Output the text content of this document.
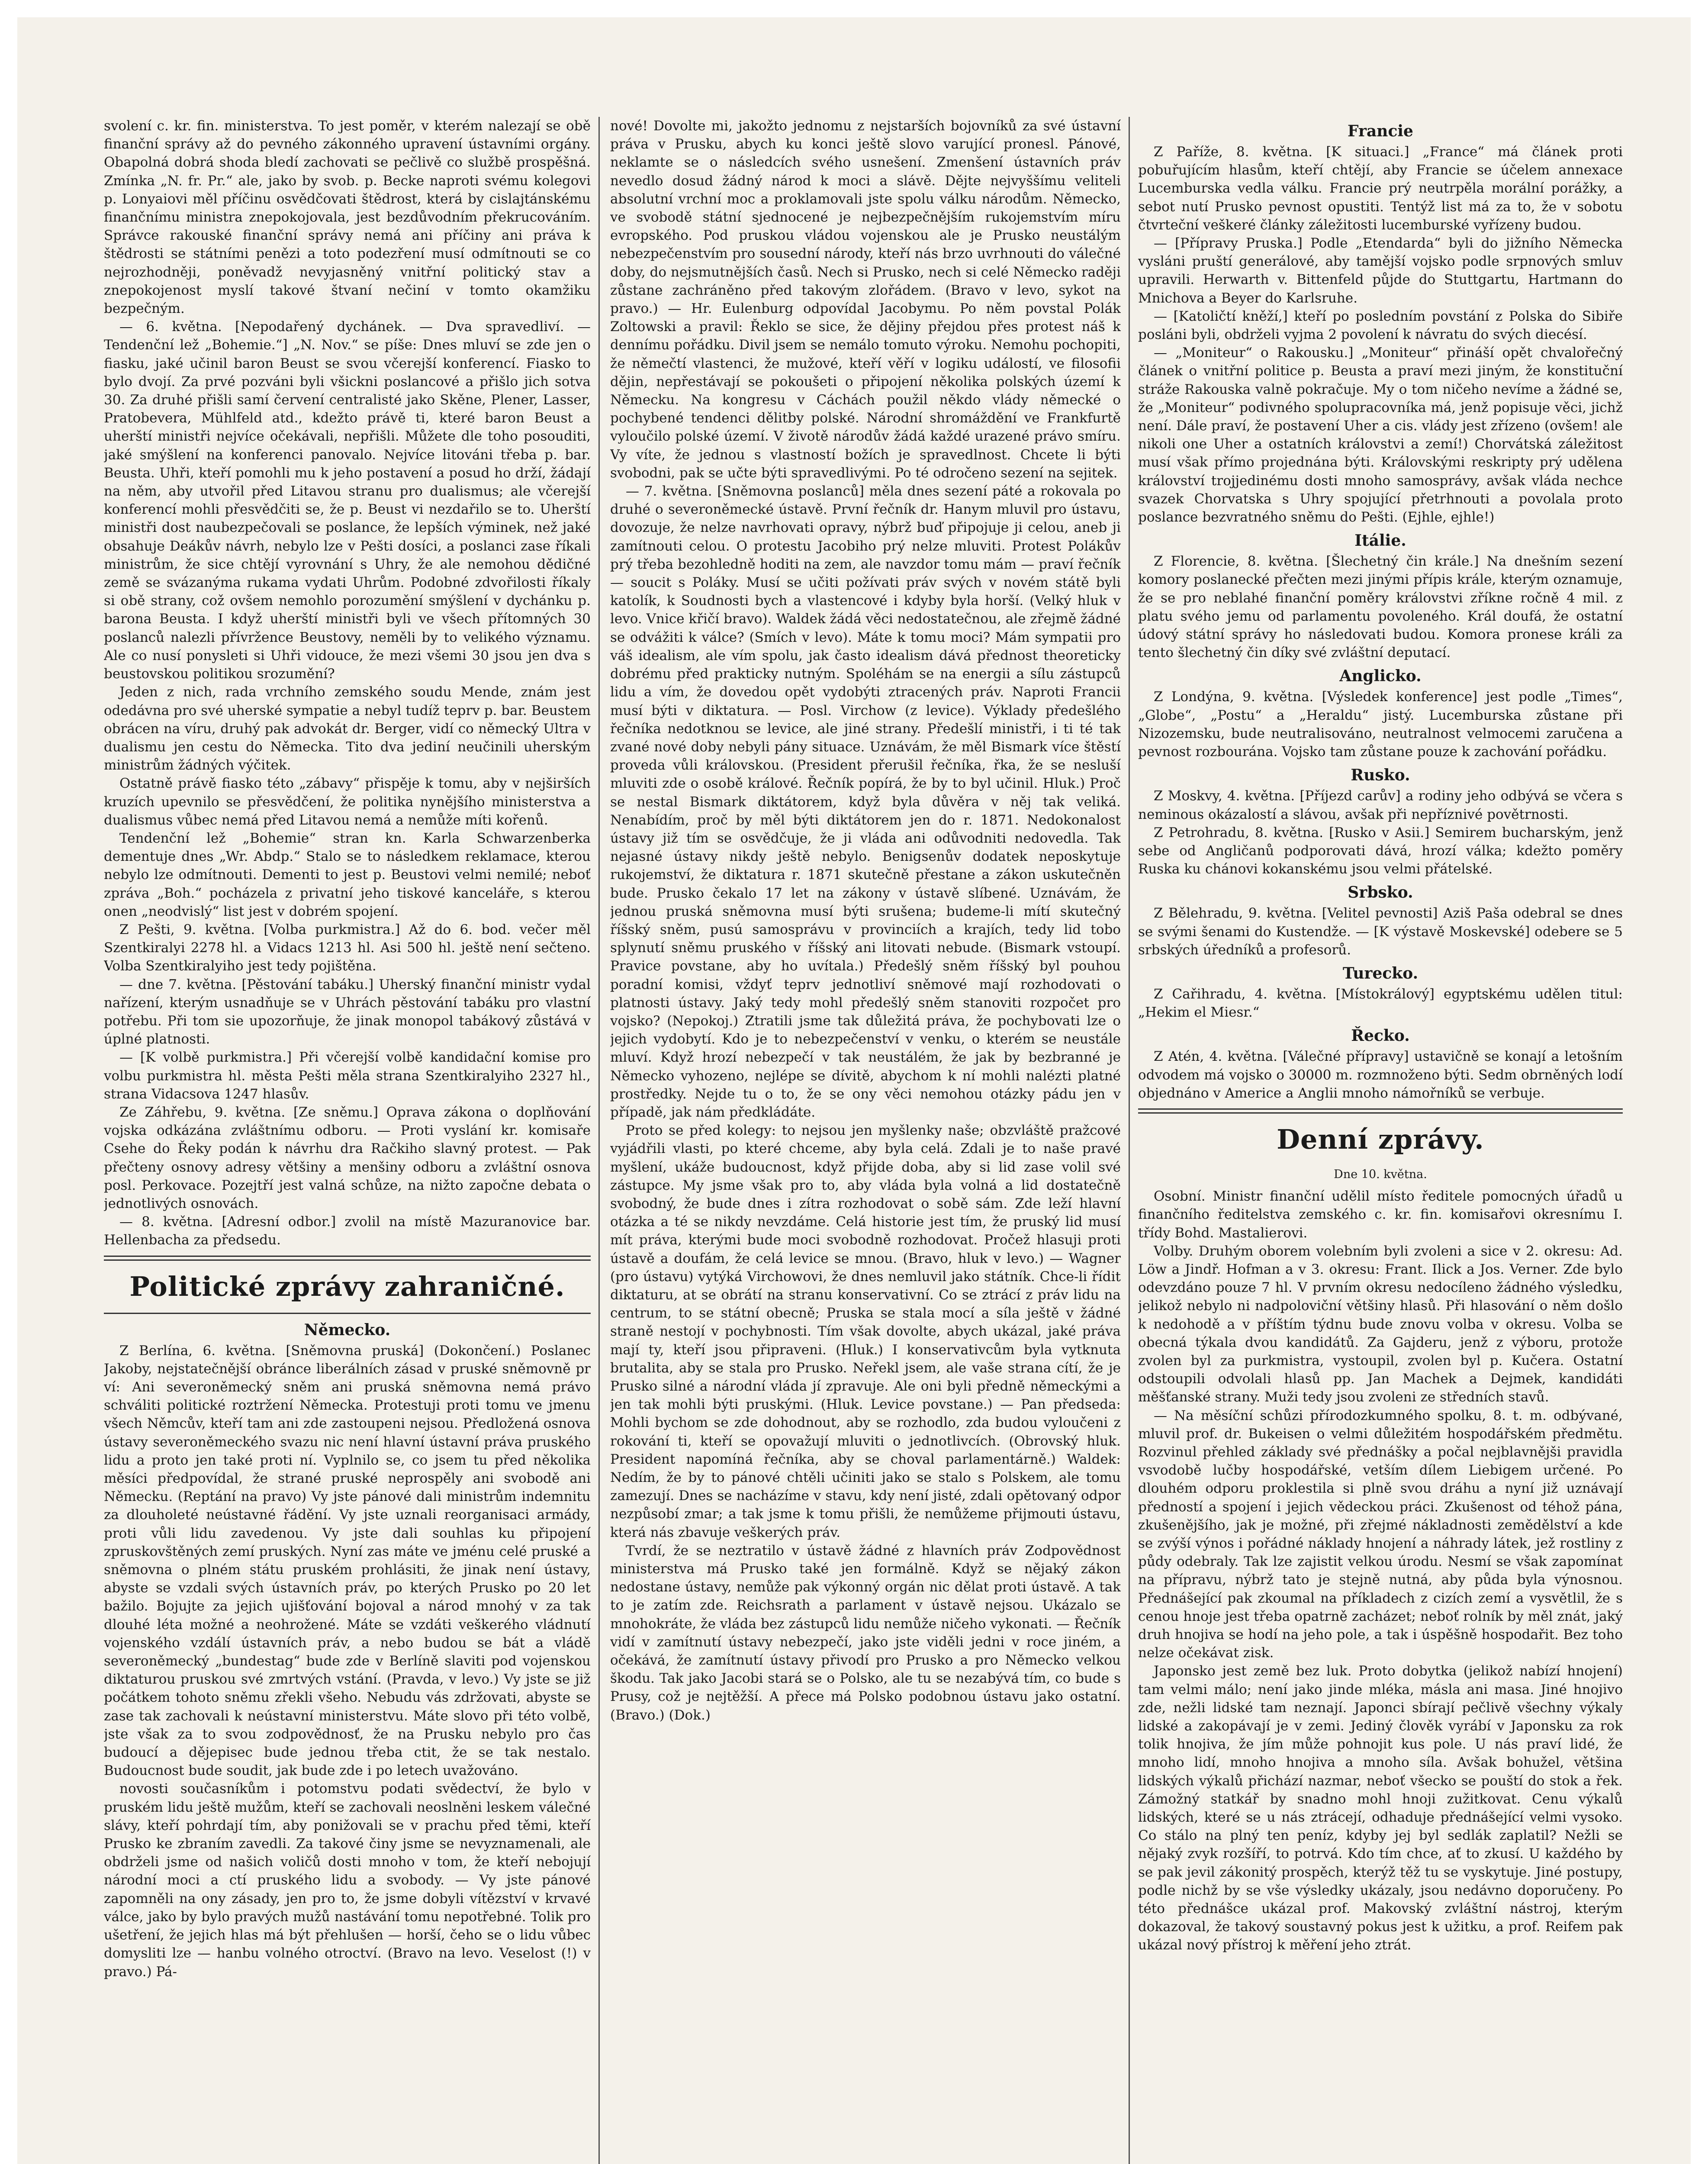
svolení c. kr. fin. ministerstva. To jest poměr, v kterém nalezají se obě finanční správy až do pevného zákonného upravení ústavními orgány. Obapolná dobrá shoda bledí zachovati se pečlivě co službě prospěšná. Zmínka „N. fr. Pr.“ ale, jako by svob. p. Becke naproti svému kolegovi p. Lonyaiovi měl příčinu osvědčovati štědrost, která by cislajtánskému finančnímu ministra znepokojovala, jest bezdůvodním překrucováním. Správce rakouské finanční správy nemá ani příčiny ani práva k štědrosti se státními penězi a toto podezření musí odmítnouti se co nejrozhodněji, poněvadž nevyjasněný vnitřní politický stav a znepokojenost myslí takové štvaní nečiní v tomto okamžiku bezpečným.

— 6. května. [Nepodařený dychánek. — Dva spravedliví. — Tendenční lež „Bohemie.“] „N. Nov.“ se píše: Dnes mluví se zde jen o fiasku, jaké učinil baron Beust se svou včerejší konferencí. Fiasko to bylo dvojí. Za prvé pozváni byli všickni poslancové a přišlo jich sotva 30. Za druhé přišli samí červení centralisté jako Skěne, Plener, Lasser, Pratobevera, Mühlfeld atd., kdežto právě ti, které baron Beust a uherští ministři nejvíce očekávali, nepřišli. Můžete dle toho posouditi, jaké smýšlení na konferenci panovalo. Nejvíce litováni třeba p. bar. Beusta. Uhři, kteří pomohli mu k jeho postavení a posud ho drží, žádají na něm, aby utvořil před Litavou stranu pro dualismus; ale včerejší konferencí mohli přesvědčiti se, že p. Beust vi nezdařilo se to. Uherští ministři dost naubezpečovali se poslance, že lepších výminek, než jaké obsahuje Deákův návrh, nebylo lze v Pešti dosíci, a poslanci zase říkali ministrům, že sice chtějí vyrovnání s Uhry, že ale nemohou dědičné země se svázanýma rukama vydati Uhrům. Podobné zdvořilosti říkaly si obě strany, což ovšem nemohlo porozumění smýšlení v dychánku p. barona Beusta. I když uherští ministři byli ve všech přítomných 30 poslanců nalezli přívržence Beustovy, neměli by to velikého významu. Ale co nusí ponysleti si Uhři vidouce, že mezi všemi 30 jsou jen dva s beustovskou politikou srozumění?

Jeden z nich, rada vrchního zemského soudu Mende, znám jest odedávna pro své uherské sympatie a nebyl tudíž teprv p. bar. Beustem obrácen na víru, druhý pak advokát dr. Berger, vidí co německý Ultra v dualismu jen cestu do Německa. Tito dva jediní neučinili uherským ministrům žádných výčitek.

Ostatně právě fiasko této „zábavy“ přispěje k tomu, aby v nejširších kruzích upevnilo se přesvědčení, že politika nynějšího ministerstva a dualismus vůbec nemá před Litavou nemá a nemůže míti kořenů.

Tendenční lež „Bohemie“ stran kn. Karla Schwarzenberka dementuje dnes „Wr. Abdp.“ Stalo se to následkem reklamace, kterou nebylo lze odmítnouti. Dementi to jest p. Beustovi velmi nemilé; neboť zpráva „Boh.“ pocházela z privatní jeho tiskové kanceláře, s kterou onen „neodvislý“ list jest v dobrém spojení.

Z Pešti, 9. května. [Volba purkmistra.] Až do 6. bod. večer měl Szentkiralyi 2278 hl. a Vidacs 1213 hl. Asi 500 hl. ještě není sečteno. Volba Szentkiralyiho jest tedy pojištěna.

— dne 7. května. [Pěstování tabáku.] Uherský finanční ministr vydal nařízení, kterým usnadňuje se v Uhrách pěstování tabáku pro vlastní potřebu. Při tom sie upozorňuje, že jinak monopol tabákový zůstává v úplné platnosti.

— [K volbě purkmistra.] Při včerejší volbě kandidační komise pro volbu purkmistra hl. města Pešti měla strana Szentkiralyiho 2327 hl., strana Vidacsova 1247 hlasův.

Ze Záhřebu, 9. května. [Ze sněmu.] Oprava zákona o doplňování vojska odkázána zvláštnímu odboru. — Proti vyslání kr. komisaře Csehe do Řeky podán k návrhu dra Račkiho slavný protest. — Pak přečteny osnovy adresy většiny a menšiny odboru a zvláštní osnova posl. Perkovace. Pozejtří jest valná schůze, na nižto započne debata o jednotlivých osnovách.

— 8. května. [Adresní odbor.] zvolil na místě Mazuranovice bar. Hellenbacha za předsedu.

Politické zprávy zahraničné.
Německo.

Z Berlína, 6. května. [Sněmovna pruská] (Dokončení.) Poslanec Jakoby, nejstatečnější obránce liberálních zásad v pruské sněmovně pr ví: Ani severoněmecký sněm ani pruská sněmovna nemá právo schváliti politické roztržení Německa. Protestuji proti tomu ve jmenu všech Němcův, kteří tam ani zde zastoupeni nejsou. Předložená osnova ústavy severoněmeckého svazu nic není hlavní ústavní práva pruského lidu a proto jen také proti ní. Vyplnilo se, co jsem tu před několika měsíci předpovídal, že strané pruské neprospěly ani svobodě ani Německu. (Reptání na pravo) Vy jste pánové dali ministrům indemnitu za dlouholeté neústavné řádění. Vy jste uznali reorganisaci armády, proti vůli lidu zavedenou. Vy jste dali souhlas ku připojení zpruskovštěných zemí pruských. Nyní zas máte ve jménu celé pruské a sněmovna o plném státu pruském prohlásiti, že jinak není ústavy, abyste se vzdali svých ústavních práv, po kterých Prusko po 20 let bažilo. Bojujte za jejich ujišťování bojoval a národ mnohý v za tak dlouhé léta možné a neohrožené. Máte se vzdáti veškerého vládnutí vojenského vzdálí ústavních práv, a nebo budou se bát a vládě severoněmecký „bundestag“ bude zde v Berlíně slaviti pod vojenskou diktaturou pruskou své zmrtvých vstání. (Pravda, v levo.) Vy jste se již počátkem tohoto sněmu zřekli všeho. Nebudu vás zdržovati, abyste se zase tak zachovali k neústavní ministerstvu. Máte slovo při této volbě, jste však za to svou zodpovědnosť, že na Prusku nebylo pro čas budoucí a dějepisec bude jednou třeba ctit, že se tak nestalo. Budoucnost bude soudit, jak bude zde i po letech uvažováno.

novosti současníkům i potomstvu podati svědectví, že bylo v pruském lidu ještě mužům, kteří se zachovali neoslněni leskem válečné slávy, kteří pohrdají tím, aby ponižovali se v prachu před těmi, kteří Prusko ke zbraním zavedli. Za takové činy jsme se nevyznamenali, ale obdrželi jsme od našich voličů dosti mnoho v tom, že kteří nebojují národní moci a ctí pruského lidu a svobody. — Vy jste pánové zapomněli na ony zásady, jen pro to, že jsme dobyli vítězství v krvavé válce, jako by bylo pravých mužů nastávání tomu nepotřebné. Tolik pro ušetření, že jejich hlas má být přehlušen — horší, čeho se o lidu vůbec domysliti lze — hanbu volného otroctví. (Bravo na levo. Veselost (!) v pravo.) Pá-

nové! Dovolte mi, jakožto jednomu z nejstarších bojovníků za své ústavní práva v Prusku, abych ku konci ještě slovo varující pronesl. Pánové, neklamte se o následcích svého usnešení. Zmenšení ústavních práv nevedlo dosud žádný národ k moci a slávě. Dějte nejvyššímu veliteli absolutní vrchní moc a proklamovali jste spolu válku národům. Německo, ve svobodě státní sjednocené je nejbezpečnějším rukojemstvím míru evropského. Pod pruskou vládou vojenskou ale je Prusko neustálým nebezpečenstvím pro sousední národy, kteří nás brzo uvrhnouti do válečné doby, do nejsmutnějších časů. Nech si Prusko, nech si celé Německo raději zůstane zachráněno před takovým zlořádem. (Bravo v levo, sykot na pravo.) — Hr. Eulenburg odpovídal Jacobymu. Po něm povstal Polák Zoltowski a pravil: Řeklo se sice, že dějiny přejdou přes protest náš k dennímu pořádku. Divil jsem se nemálo tomuto výroku. Nemohu pochopiti, že němečtí vlastenci, že mužové, kteří věří v logiku událostí, ve filosofii dějin, nepřestávají se pokoušeti o připojení několika polských území k Německu. Na kongresu v Cáchách použil někdo vlády německé o pochybené tendenci dělitby polské. Národní shromáždění ve Frankfurtě vyloučilo polské území. V životě národův žádá každé urazené právo smíru. Vy víte, že jednou s vlastností božích je spravedlnost. Chcete li býti svobodni, pak se učte býti spravedlivými. Po té odročeno sezení na sejitek.

— 7. května. [Sněmovna poslanců] měla dnes sezení páté a rokovala po druhé o severoněmecké ústavě. První řečník dr. Hanym mluvil pro ústavu, dovozuje, že nelze navrhovati opravy, nýbrž buď připojuje ji celou, aneb ji zamítnouti celou. O protestu Jacobiho prý nelze mluviti. Protest Polákův prý třeba bezohledně hoditi na zem, ale navzdor tomu mám — praví řečník — soucit s Poláky. Musí se učiti požívati práv svých v novém státě byli katolík, k Soudnosti bych a vlastencové i kdyby byla horší. (Velký hluk v levo. Vnice křičí bravo). Waldek žádá věci nedostatečnou, ale zřejmě žádné se odvážiti k válce? (Smích v levo). Máte k tomu moci? Mám sympatii pro váš idealism, ale vím spolu, jak často idealism dává přednost theoreticky dobrému před prakticky nutným. Spoléhám se na energii a sílu zástupců lidu a vím, že dovedou opět vydobýti ztracených práv. Naproti Francii musí býti v diktatura. — Posl. Virchow (z levice). Výklady předešlého řečníka nedotknou se levice, ale jiné strany. Předešlí ministři, i ti té tak zvané nové doby nebyli pány situace. Uznávám, že měl Bismark více štěstí proveda vůli královskou. (President přerušil řečníka, řka, že se nesluší mluviti zde o osobě králové. Řečník popírá, že by to byl učinil. Hluk.) Proč se nestal Bismark diktátorem, když byla důvěra v něj tak veliká. Nenabídím, proč by měl býti diktátorem jen do r. 1871. Nedokonalost ústavy již tím se osvědčuje, že ji vláda ani odůvodniti nedovedla. Tak nejasné ústavy nikdy ještě nebylo. Benigsenův dodatek neposkytuje rukojemství, že diktatura r. 1871 skutečně přestane a zákon uskutečněn bude. Prusko čekalo 17 let na zákony v ústavě slíbené. Uznávám, že jednou pruská sněmovna musí býti srušena; budeme-li mítí skutečný říšský sněm, pusú samosprávu v provinciích a krajích, tedy lid tobo splynutí sněmu pruského v říšský ani litovati nebude. (Bismark vstoupí. Pravice povstane, aby ho uvítala.) Předešlý sněm říšský byl pouhou poradní komisi, vždyť teprv jednotliví sněmové mají rozhodovati o platnosti ústavy. Jaký tedy mohl předešlý sněm stanoviti rozpočet pro vojsko? (Nepokoj.) Ztratili jsme tak důležitá práva, že pochybovati lze o jejich vydobytí. Kdo je to nebezpečenství v venku, o kterém se neustále mluví. Když hrozí nebezpečí v tak neustálém, že jak by bezbranné je Německo vyhozeno, nejlépe se dívitě, abychom k ní mohli nalézti platné prostředky. Nejde tu o to, že se ony věci nemohou otázky pádu jen v případě, jak nám předkládáte.

Proto se před kolegy: to nejsou jen myšlenky naše; obzvláště pražcové vyjádřili vlasti, po které chceme, aby byla celá. Zdali je to naše pravé myšlení, ukáže budoucnost, když přijde doba, aby si lid zase volil své zástupce. My jsme však pro to, aby vláda byla volná a lid dostatečně svobodný, že bude dnes i zítra rozhodovat o sobě sám. Zde leží hlavní otázka a té se nikdy nevzdáme. Celá historie jest tím, že pruský lid musí mít práva, kterými bude moci svobodně rozhodovat. Pročež hlasuji proti ústavě a doufám, že celá levice se mnou. (Bravo, hluk v levo.) — Wagner (pro ústavu) vytýká Virchowovi, že dnes nemluvil jako státník. Chce-li řídit diktaturu, at se obrátí na stranu konservativní. Co se ztrácí z práv lidu na centrum, to se státní obecně; Pruska se stala mocí a síla ještě v žádné straně nestojí v pochybnosti. Tím však dovolte, abych ukázal, jaké práva mají ty, kteří jsou připraveni. (Hluk.) I konservativcům byla vytknuta brutalita, aby se stala pro Prusko. Neřekl jsem, ale vaše strana cítí, že je Prusko silné a národní vláda jí zpravuje. Ale oni byli předně německými a jen tak mohli býti pruskými. (Hluk. Levice povstane.) — Pan předseda: Mohli bychom se zde dohodnout, aby se rozhodlo, zda budou vyloučeni z rokování ti, kteří se opovažují mluviti o jednotlivcích. (Obrovský hluk. President napomíná řečníka, aby se choval parlamentárně.) Waldek: Nedím, že by to pánové chtěli učiniti jako se stalo s Polskem, ale tomu zamezují. Dnes se nacházíme v stavu, kdy není jisté, zdali opětovaný odpor nezpůsobí zmar; a tak jsme k tomu přišli, že nemůžeme přijmouti ústavu, která nás zbavuje veškerých práv.

Tvrdí, že se neztratilo v ústavě žádné z hlavních práv Zodpovědnost ministerstva má Prusko také jen formálně. Když se nějaký zákon nedostane ústavy, nemůže pak výkonný orgán nic dělat proti ústavě. A tak to je zatím zde. Reichsrath a parlament v ústavě nejsou. Ukázalo se mnohokráte, že vláda bez zástupců lidu nemůže ničeho vykonati. — Řečník vidí v zamítnutí ústavy nebezpečí, jako jste viděli jedni v roce jiném, a očekává, že zamítnutí ústavy přivodí pro Prusko a pro Německo velkou škodu. Tak jako Jacobi stará se o Polsko, ale tu se nezabývá tím, co bude s Prusy, což je nejtěžší. A přece má Polsko podobnou ústavu jako ostatní. (Bravo.) (Dok.)

Francie

Z Paříže, 8. května. [K situaci.] „France“ má článek proti pobuřujícím hlasům, kteří chtějí, aby Francie se účelem annexace Lucemburska vedla válku. Francie prý neutrpěla morální porážky, a sebot nutí Prusko pevnost opustiti. Tentýž list má za to, že v sobotu čtvrteční veškeré články záležitosti lucemburské vyřízeny budou.

— [Přípravy Pruska.] Podle „Etendarda“ byli do jižního Německa vysláni pruští generálové, aby tamější vojsko podle srpnových smluv upravili. Herwarth v. Bittenfeld půjde do Stuttgartu, Hartmann do Mnichova a Beyer do Karlsruhe.

— [Katoličtí kněží,] kteří po posledním povstání z Polska do Sibiře posláni byli, obdrželi vyjma 2 povolení k návratu do svých diecésí.

— „Moniteur“ o Rakousku.] „Moniteur“ přináší opět chvalořečný článek o vnitřní politice p. Beusta a praví mezi jiným, že konstituční stráže Rakouska valně pokračuje. My o tom ničeho nevíme a žádné se, že „Moniteur“ podivného spolupracovníka má, jenž popisuje věci, jichž není. Dále praví, že postavení Uher a cis. vlády jest zřízeno (ovšem! ale nikoli one Uher a ostatních královstvi a zemí!) Chorvátská záležitost musí však přímo projednána býti. Královskými reskripty prý udělena království trojjedinému dosti mnoho samosprávy, avšak vláda nechce svazek Chorvatska s Uhry spojující přetrhnouti a povolala proto poslance bezvratného sněmu do Pešti. (Ejhle, ejhle!)

Itálie.

Z Florencie, 8. května. [Šlechetný čin krále.] Na dnešním sezení komory poslanecké přečten mezi jinými přípis krále, kterým oznamuje, že se pro neblahé finanční poměry královstvi zříkne ročně 4 mil. z platu svého jemu od parlamentu povoleného. Král doufá, že ostatní údový státní správy ho následovati budou. Komora pronese králi za tento šlechetný čin díky své zvláštní deputací.

Anglicko.

Z Londýna, 9. května. [Výsledek konference] jest podle „Times“, „Globe“, „Postu“ a „Heraldu“ jistý. Lucemburska zůstane při Nizozemsku, bude neutralisováno, neutralnost velmocemi zaručena a pevnost rozbourána. Vojsko tam zůstane pouze k zachování pořádku.

Rusko.

Z Moskvy, 4. května. [Příjezd carův] a rodiny jeho odbývá se včera s neminous okázalostí a slávou, avšak při nepříznivé povětrnosti.

Z Petrohradu, 8. května. [Rusko v Asii.] Semirem bucharským, jenž sebe od Angličanů podporovati dává, hrozí válka; kdežto poměry Ruska ku chánovi kokanskému jsou velmi přátelské.

Srbsko.

Z Bělehradu, 9. května. [Velitel pevnosti] Aziš Paša odebral se dnes se svými šenami do Kustendže. — [K výstavě Moskevské] odebere se 5 srbských úředníků a profesorů.

Turecko.

Z Cařihradu, 4. května. [Místokrálový] egyptskému udělen titul: „Hekim el Miesr.“

Řecko.

Z Atén, 4. května. [Válečné přípravy] ustavičně se konají a letošním odvodem má vojsko o 30000 m. rozmnoženo býti. Sedm obrněných lodí objednáno v Americe a Anglii mnoho námořníků se verbuje.

Denní zprávy.
Dne 10. května.

Osobní. Ministr finanční udělil místo ředitele pomocných úřadů u finančního ředitelstva zemského c. kr. fin. komisařovi okresnímu I. třídy Bohd. Mastalierovi.

Volby. Druhým oborem volebním byli zvoleni a sice v 2. okresu: Ad. Löw a Jindř. Hofman a v 3. okresu: Frant. Ilick a Jos. Verner. Zde bylo odevzdáno pouze 7 hl. V prvním okresu nedocíleno žádného výsledku, jelikož nebylo ni nadpoloviční většiny hlasů. Při hlasování o něm došlo k nedohodě a v příštím týdnu bude znovu volba v okresu. Volba se obecná týkala dvou kandidátů. Za Gajderu, jenž z výboru, protože zvolen byl za purkmistra, vystoupil, zvolen byl p. Kučera. Ostatní odstoupili odvolali hlasů pp. Jan Machek a Dejmek, kandidáti měšťanské strany. Muži tedy jsou zvoleni ze středních stavů.

— Na měsíční schůzi přírodozkumného spolku, 8. t. m. odbývané, mluvil prof. dr. Bukeisen o velmi důležitém hospodářském předmětu. Rozvinul přehled základy své přednášky a počal nejblavnějši pravidla vsvodobě lučby hospodářské, vetším dílem Liebigem určené. Po dlouhém odporu proklestila si plně svou dráhu a nyní již uznávají předností a spojení i jejich vědeckou práci. Zkušenost od téhož pána, zkušenějšího, jak je možné, při zřejmé nákladnosti zemědělství a kde se zvýší výnos i pořádné náklady hnojení a náhrady látek, jež rostliny z půdy odebraly. Tak lze zajistit velkou úrodu. Nesmí se však zapomínat na přípravu, nýbrž tato je stejně nutná, aby půda byla výnosnou. Přednášející pak zkoumal na příkladech z cizích zemí a vysvětlil, že s cenou hnoje jest třeba opatrně zacházet; neboť rolník by měl znát, jaký druh hnojiva se hodí na jeho pole, a tak i úspěšně hospodařit. Bez toho nelze očekávat zisk.

Japonsko jest země bez luk. Proto dobytka (jelikož nabízí hnojení) tam velmi málo; není jako jinde mléka, másla ani masa. Jiné hnojivo zde, nežli lidské tam neznají. Japonci sbírají pečlivě všechny výkaly lidské a zakopávají je v zemi. Jediný člověk vyrábí v Japonsku za rok tolik hnojiva, že jím může pohnojit kus pole. U nás praví lidé, že mnoho lidí, mnoho hnojiva a mnoho síla. Avšak bohužel, většina lidských výkalů přichází nazmar, neboť všecko se pouští do stok a řek. Zámožný statkář by snadno mohl hnoji zužitkovat. Cenu výkalů lidských, které se u nás ztrácejí, odhaduje přednášející velmi vysoko. Co stálo na plný ten peníz, kdyby jej byl sedlák zaplatil? Nežli se nějaký zvyk rozšíří, to potrvá. Kdo tím chce, ať to zkusí. U každého by se pak jevil zákonitý prospěch, kterýž těž tu se vyskytuje. Jiné postupy, podle nichž by se vše výsledky ukázaly, jsou nedávno doporučeny. Po této přednášce ukázal prof. Makovský zvláštní nástroj, kterým dokazoval, že takový soustavný pokus jest k užitku, a prof. Reifem pak ukázal nový přístroj k měření jeho ztrát.
